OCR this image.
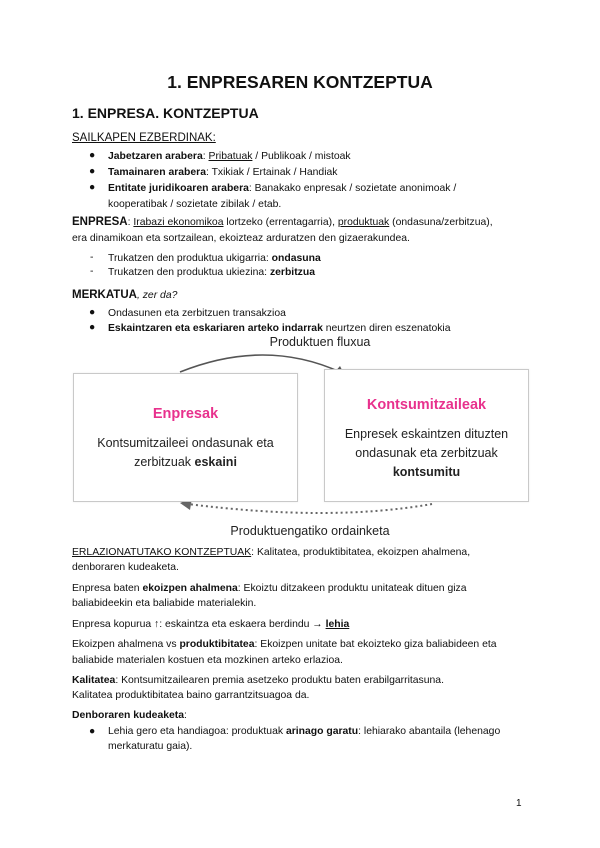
1. ENPRESAREN KONTZEPTUA
1. ENPRESA. KONTZEPTUA
SAILKAPEN EZBERDINAK:
●	Jabetzaren arabera: Pribatuak / Publikoak / mistoak
●	Tamainaren arabera: Txikiak / Ertainak / Handiak
●	Entitate juridikoaren arabera: Banakako enpresak / sozietate anonimoak /
kooperatibak / sozietate zibilak / etab.
ENPRESA: Irabazi ekonomikoa lortzeko (errentagarria), produktuak (ondasuna/zerbitzua),
era dinamikoan eta sortzailean, ekoizteaz arduratzen den gizaerakundea.
- Trukatzen den produktua ukigarria: ondasuna
- Trukatzen den produktua ukiezina: zerbitzua
MERKATUA, zer da?
●	Ondasunen eta zerbitzuen transakzioa
●	Eskaintzaren eta eskariaren arteko indarrak neurtzen diren eszenatokia
Produktuen fluxua
Enpresak
Kontsumitzaileei ondasunak eta
zerbitzuak eskaini
Kontsumitzaileak
Enpresek eskaintzen dituzten
ondasunak eta zerbitzuak
kontsumitu
Produktuengatiko ordainketa
ERLAZIONATUTAKO KONTZEPTUAK: Kalitatea, produktibitatea, ekoizpen ahalmena,
denboraren kudeaketa.
Enpresa baten ekoizpen ahalmena: Ekoiztu ditzakeen produktu unitateak dituen giza
baliabideekin eta baliabide materialekin.
Enpresa kopurua ↑: eskaintza eta eskaera berdindu → lehia
Ekoizpen ahalmena vs produktibitatea: Ekoizpen unitate bat ekoizteko giza baliabideen eta
baliabide materialen kostuen eta mozkinen arteko erlazioa.
Kalitatea: Kontsumitzailearen premia asetzeko produktu baten erabilgarritasuna.
Kalitatea produktibitatea baino garrantzitsuagoa da.
Denboraren kudeaketa:
●	Lehia gero eta handiagoa: produktuak arinago garatu: lehiarako abantaila (lehenago
merkaturatu gaia).
1
